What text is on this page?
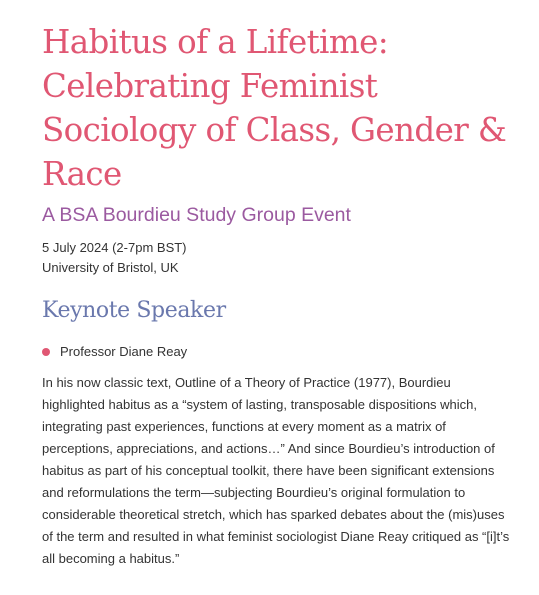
Habitus of a Lifetime: Celebrating Feminist Sociology of Class, Gender & Race
A BSA Bourdieu Study Group Event
5 July 2024 (2-7pm BST)
University of Bristol, UK
Keynote Speaker
Professor Diane Reay

In his now classic text, Outline of a Theory of Practice (1977), Bourdieu highlighted habitus as a “system of lasting, transposable dispositions which, integrating past experiences, functions at every moment as a matrix of perceptions, appreciations, and actions…” And since Bourdieu’s introduction of habitus as part of his conceptual toolkit, there have been significant extensions and reformulations the term—subjecting Bourdieu’s original formulation to considerable theoretical stretch, which has sparked debates about the (mis)uses of the term and resulted in what feminist sociologist Diane Reay critiqued as “[i]t’s all becoming a habitus.”
